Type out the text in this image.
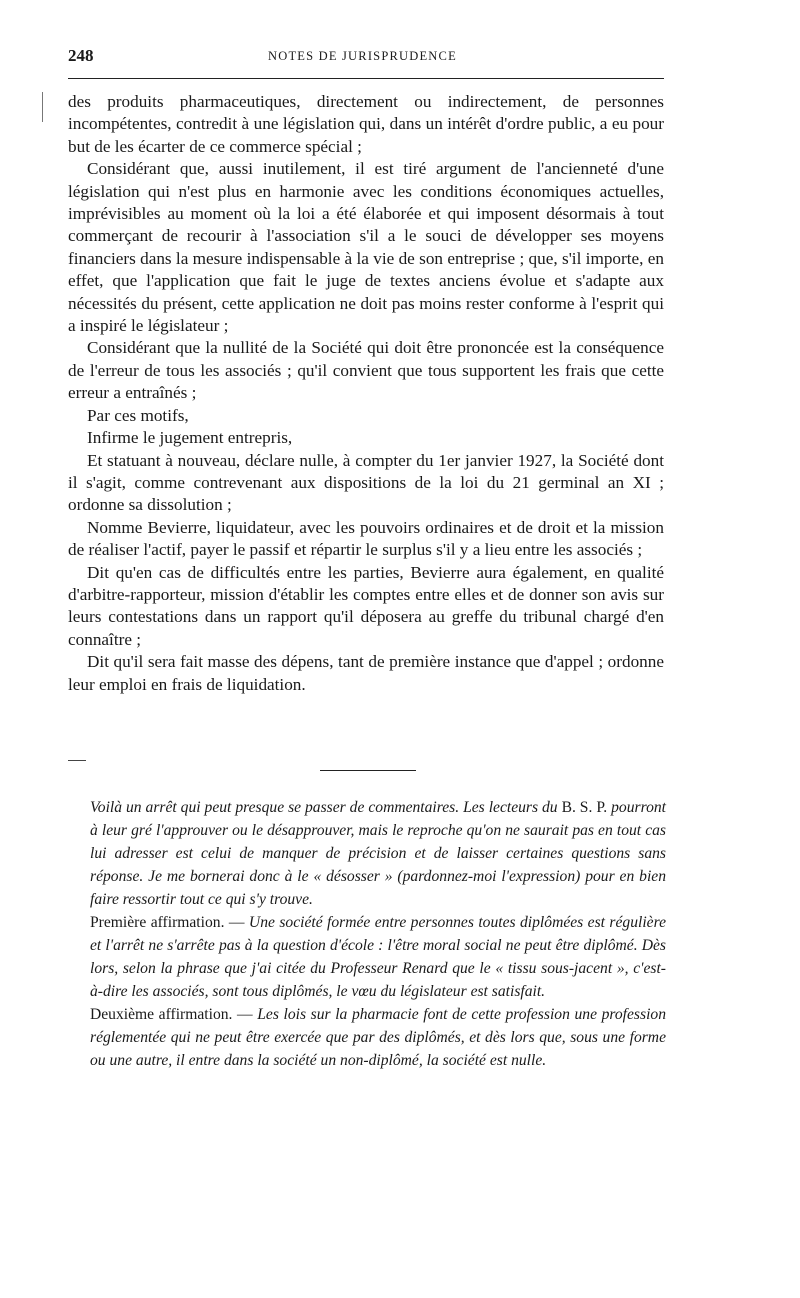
248	NOTES DE JURISPRUDENCE

des produits pharmaceutiques, directement ou indirectement, de personnes incompétentes, contredit à une législation qui, dans un intérêt d'ordre public, a eu pour but de les écarter de ce commerce spécial ;

Considérant que, aussi inutilement, il est tiré argument de l'ancienneté d'une législation qui n'est plus en harmonie avec les conditions économiques actuelles, imprévisibles au moment où la loi a été élaborée et qui imposent désormais à tout commerçant de recourir à l'association s'il a le souci de développer ses moyens financiers dans la mesure indispensable à la vie de son entreprise ; que, s'il importe, en effet, que l'application que fait le juge de textes anciens évolue et s'adapte aux nécessités du présent, cette application ne doit pas moins rester conforme à l'esprit qui a inspiré le législateur ;

Considérant que la nullité de la Société qui doit être prononcée est la conséquence de l'erreur de tous les associés ; qu'il convient que tous supportent les frais que cette erreur a entraînés ;

Par ces motifs,

Infirme le jugement entrepris,

Et statuant à nouveau, déclare nulle, à compter du 1er janvier 1927, la Société dont il s'agit, comme contrevenant aux dispositions de la loi du 21 germinal an XI ; ordonne sa dissolution ;

Nomme Bevierre, liquidateur, avec les pouvoirs ordinaires et de droit et la mission de réaliser l'actif, payer le passif et répartir le surplus s'il y a lieu entre les associés ;

Dit qu'en cas de difficultés entre les parties, Bevierre aura également, en qualité d'arbitre-rapporteur, mission d'établir les comptes entre elles et de donner son avis sur leurs contestations dans un rapport qu'il déposera au greffe du tribunal chargé d'en connaître ;

Dit qu'il sera fait masse des dépens, tant de première instance que d'appel ; ordonne leur emploi en frais de liquidation.

Voilà un arrêt qui peut presque se passer de commentaires. Les lecteurs du B. S. P. pourront à leur gré l'approuver ou le désapprouver, mais le reproche qu'on ne saurait pas en tout cas lui adresser est celui de manquer de précision et de laisser certaines questions sans réponse. Je me bornerai donc à le « désosser » (pardonnez-moi l'expression) pour en bien faire ressortir tout ce qui s'y trouve.

Première affirmation. — Une société formée entre personnes toutes diplômées est régulière et l'arrêt ne s'arrête pas à la question d'école : l'être moral social ne peut être diplômé. Dès lors, selon la phrase que j'ai citée du Professeur Renard que le « tissu sous-jacent », c'est-à-dire les associés, sont tous diplômés, le vœu du législateur est satisfait.

Deuxième affirmation. — Les lois sur la pharmacie font de cette profession une profession réglementée qui ne peut être exercée que par des diplômés, et dès lors que, sous une forme ou une autre, il entre dans la société un non-diplômé, la société est nulle.
